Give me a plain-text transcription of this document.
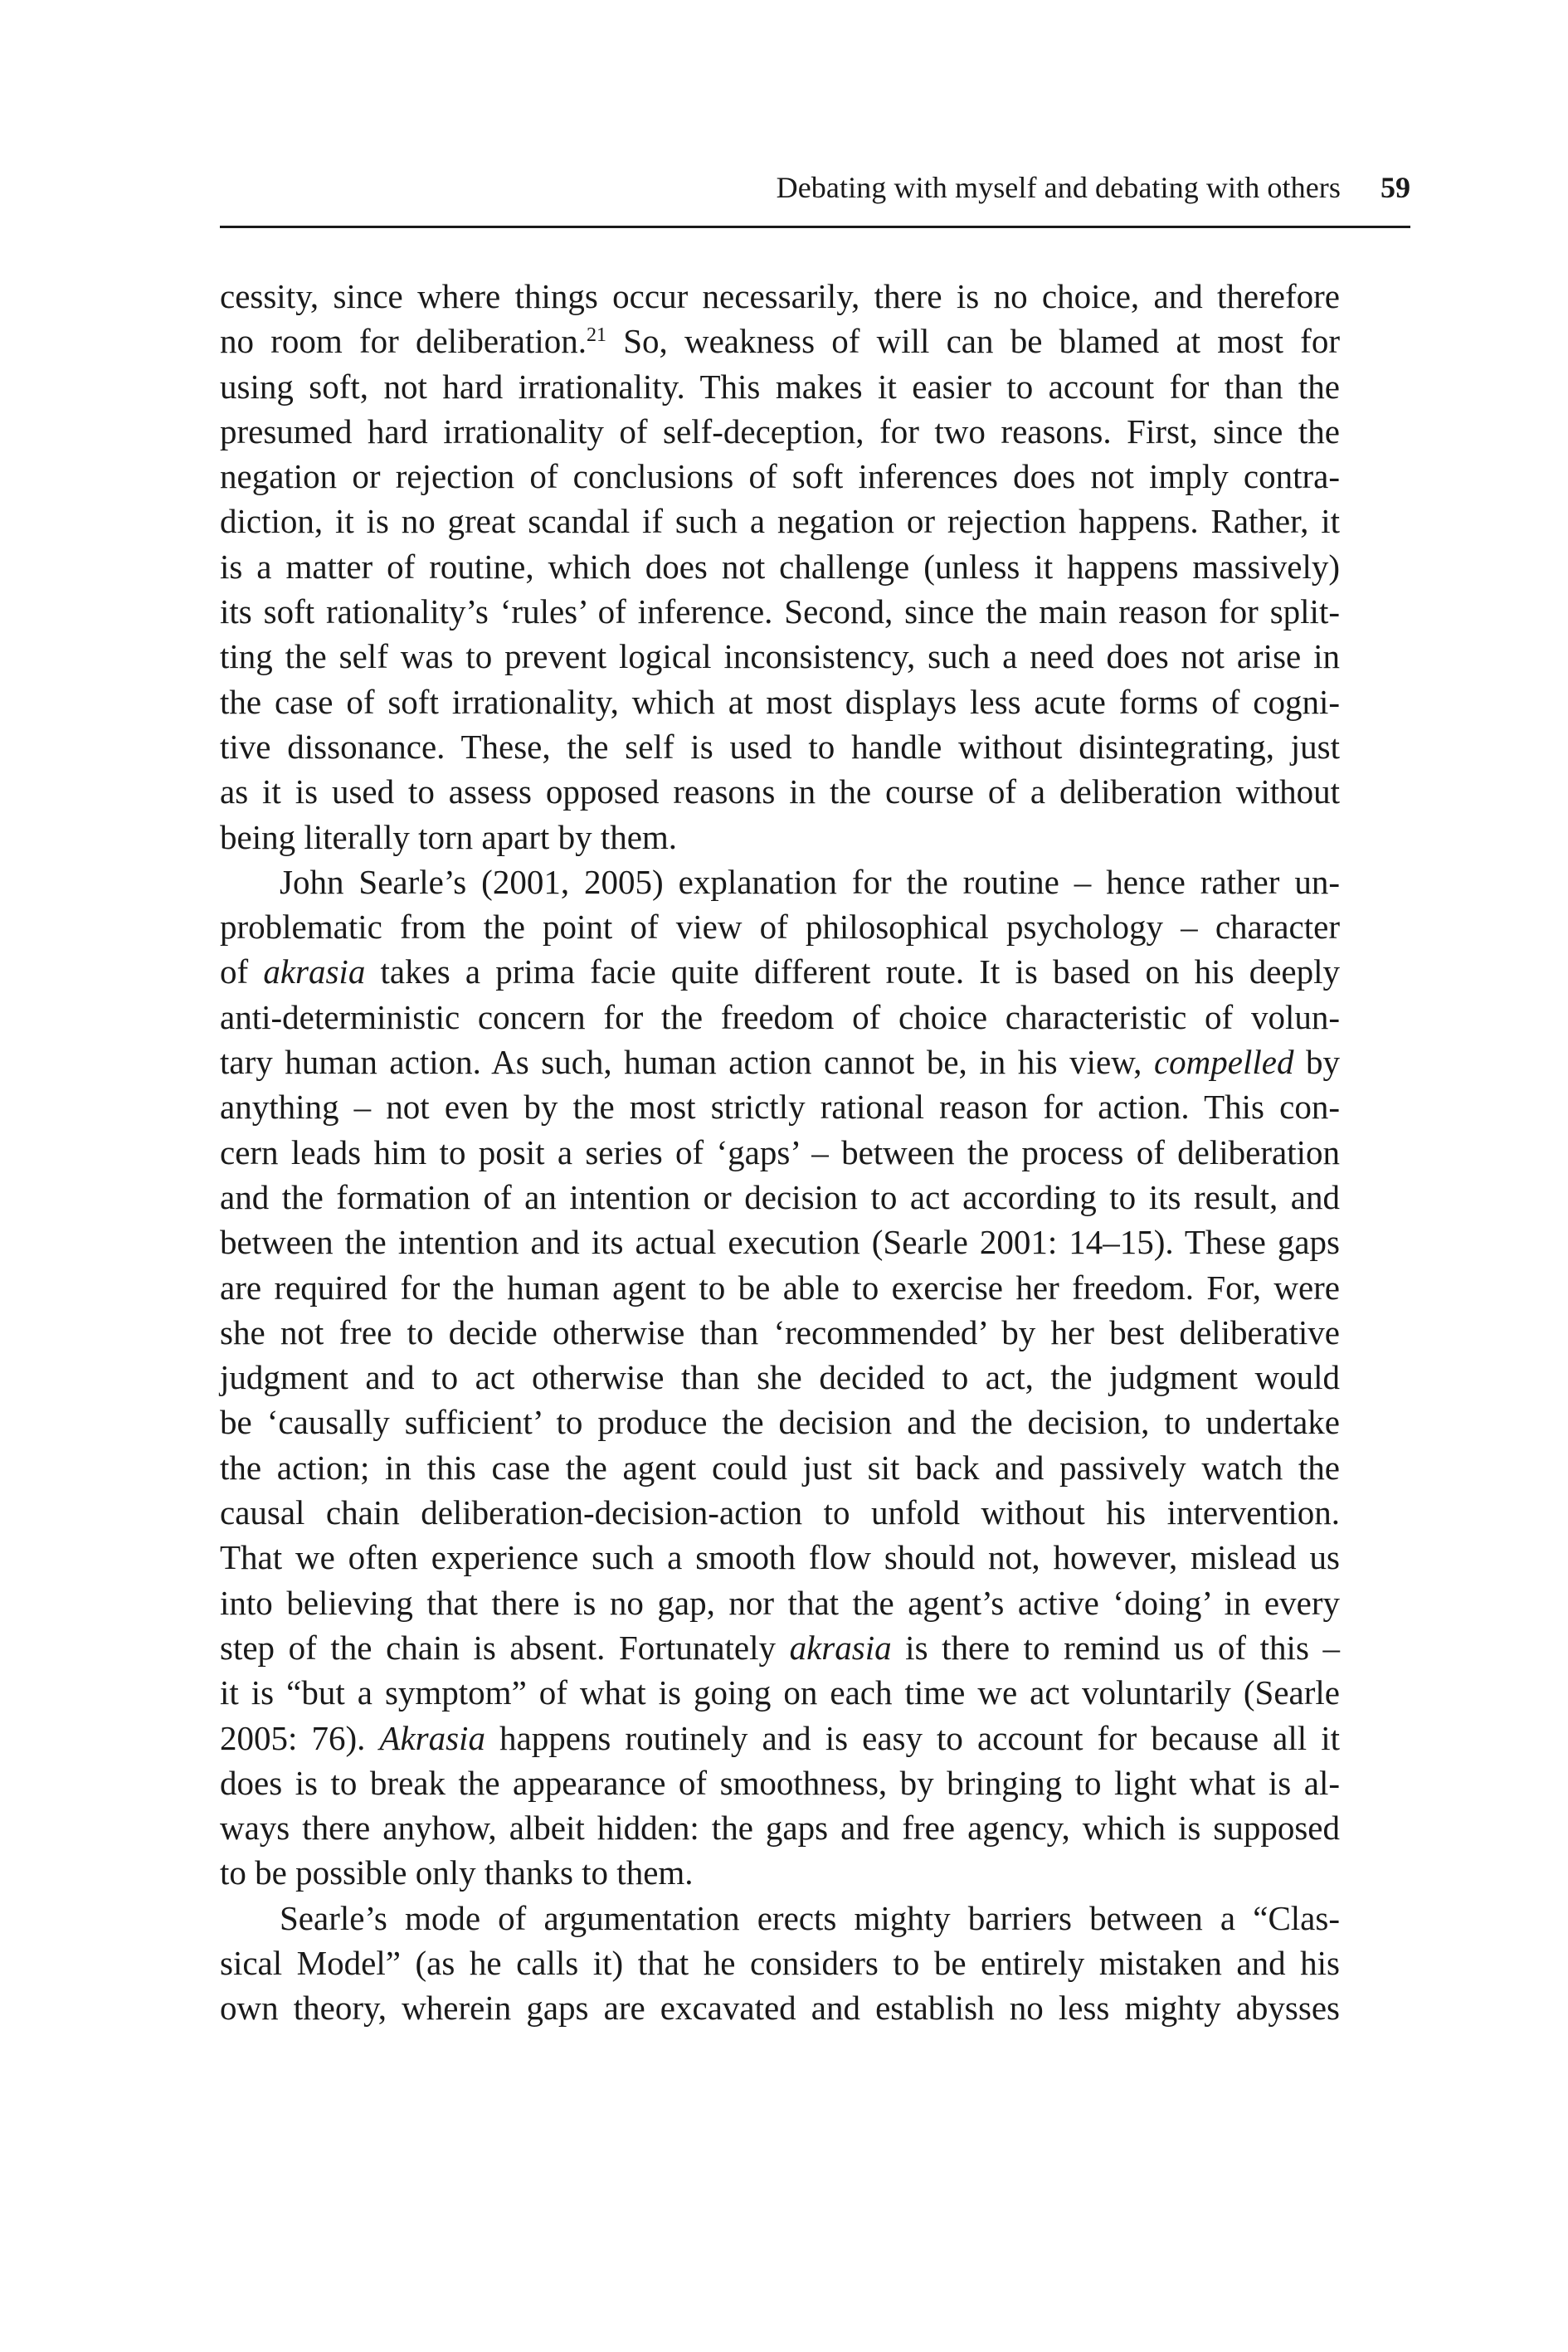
Debating with myself and debating with others 59
cessity, since where things occur necessarily, there is no choice, and therefore
no room for deliberation.$^{21}$ So, weakness of will can be blamed at most for
using soft, not hard irrationality. This makes it easier to account for than the
presumed hard irrationality of self-deception, for two reasons. First, since the
negation or rejection of conclusions of soft inferences does not imply contra-
diction, it is no great scandal if such a negation or rejection happens. Rather, it
is a matter of routine, which does not challenge (unless it happens massively)
its soft rationality’s ‘rules’ of inference. Second, since the main reason for split-
ting the self was to prevent logical inconsistency, such a need does not arise in
the case of soft irrationality, which at most displays less acute forms of cogni-
tive dissonance. These, the self is used to handle without disintegrating, just
as it is used to assess opposed reasons in the course of a deliberation without
being literally torn apart by them.
John Searle’s (2001, 2005) explanation for the routine – hence rather un-
problematic from the point of view of philosophical psychology – character
of akrasia takes a prima facie quite different route. It is based on his deeply
anti-deterministic concern for the freedom of choice characteristic of volun-
tary human action. As such, human action cannot be, in his view, compelled by
anything – not even by the most strictly rational reason for action. This con-
cern leads him to posit a series of ‘gaps’ – between the process of deliberation
and the formation of an intention or decision to act according to its result, and
between the intention and its actual execution (Searle 2001: 14–15). These gaps
are required for the human agent to be able to exercise her freedom. For, were
she not free to decide otherwise than ‘recommended’ by her best deliberative
judgment and to act otherwise than she decided to act, the judgment would
be ‘causally sufficient’ to produce the decision and the decision, to undertake
the action; in this case the agent could just sit back and passively watch the
causal chain deliberation-decision-action to unfold without his intervention.
That we often experience such a smooth flow should not, however, mislead us
into believing that there is no gap, nor that the agent’s active ‘doing’ in every
step of the chain is absent. Fortunately akrasia is there to remind us of this –
it is “but a symptom” of what is going on each time we act voluntarily (Searle
2005: 76). Akrasia happens routinely and is easy to account for because all it
does is to break the appearance of smoothness, by bringing to light what is al-
ways there anyhow, albeit hidden: the gaps and free agency, which is supposed
to be possible only thanks to them.
Searle’s mode of argumentation erects mighty barriers between a “Clas-
sical Model” (as he calls it) that he considers to be entirely mistaken and his
own theory, wherein gaps are excavated and establish no less mighty abysses
